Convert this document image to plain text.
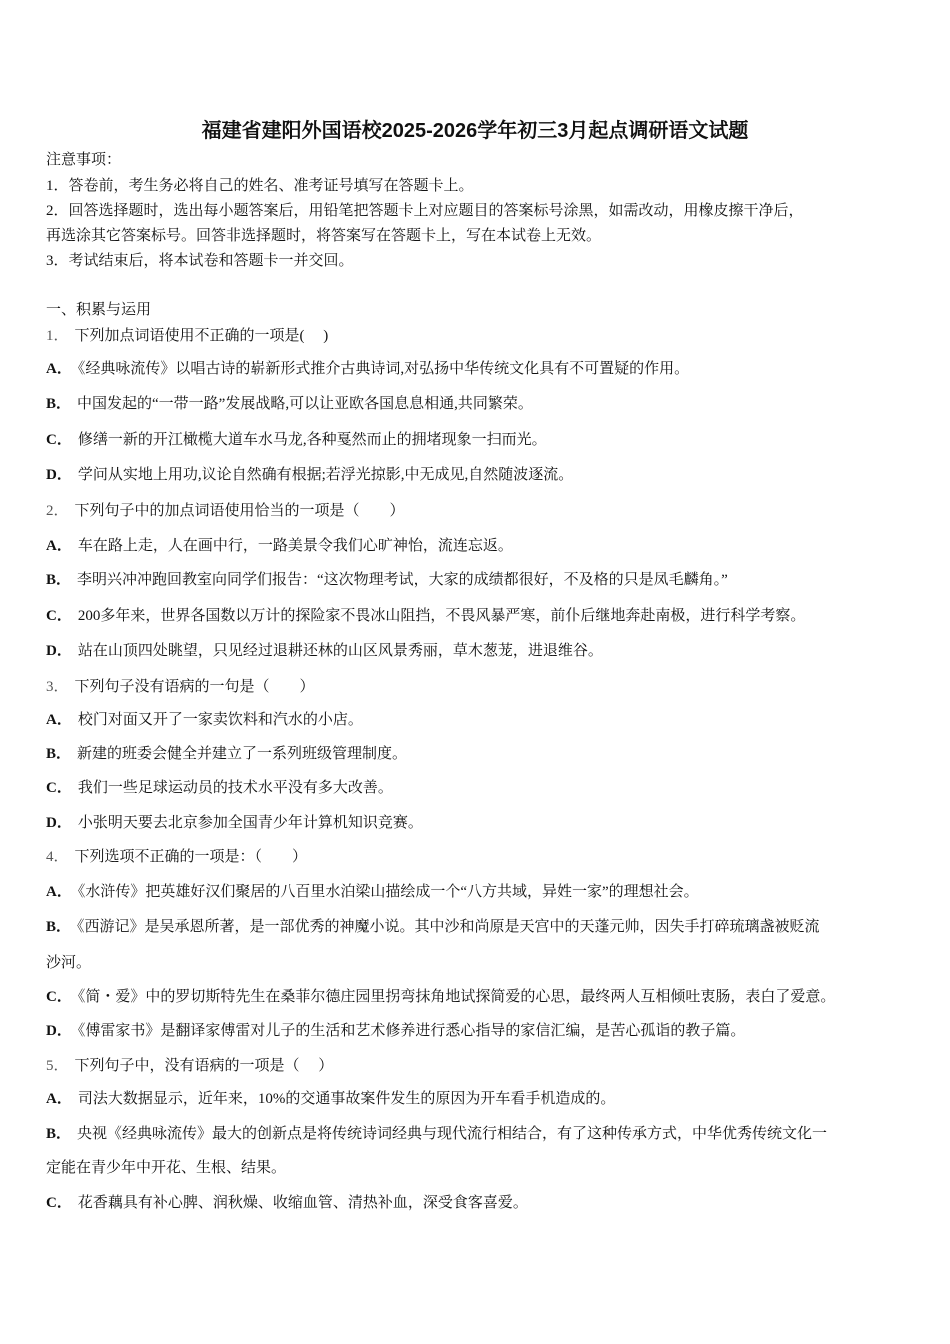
福建省建阳外国语校2025-2026学年初三3月起点调研语文试题
注意事项：
1．答卷前，考生务必将自己的姓名、准考证号填写在答题卡上。
2．回答选择题时，选出每小题答案后，用铅笔把答题卡上对应题目的答案标号涂黑，如需改动，用橡皮擦干净后，
再选涂其它答案标号。回答非选择题时，将答案写在答题卡上，写在本试卷上无效。
3．考试结束后，将本试卷和答题卡一并交回。
一、积累与运用
1． 下列加点词语使用不正确的一项是(　 )
A． 《经典咏流传》以唱古诗的崭新形式推介古典诗词,对弘扬中华传统文化具有不可置疑的作用。
B． 中国发起的“一带一路”发展战略,可以让亚欧各国息息相通,共同繁荣。
C． 修缮一新的开江橄榄大道车水马龙,各种戛然而止的拥堵现象一扫而光。
D． 学问从实地上用功,议论自然确有根据;若浮光掠影,中无成见,自然随波逐流。
2． 下列句子中的加点词语使用恰当的一项是（　　）
A． 车在路上走，人在画中行，一路美景令我们心旷神怡，流连忘返。
B． 李明兴冲冲跑回教室向同学们报告：“这次物理考试，大家的成绩都很好，不及格的只是凤毛麟角。”
C． 200多年来，世界各国数以万计的探险家不畏冰山阻挡，不畏风暴严寒，前仆后继地奔赴南极，进行科学考察。
D． 站在山顶四处眺望，只见经过退耕还林的山区风景秀丽，草木葱茏，进退维谷。
3． 下列句子没有语病的一句是（　　）
A． 校门对面又开了一家卖饮料和汽水的小店。
B． 新建的班委会健全并建立了一系列班级管理制度。
C． 我们一些足球运动员的技术水平没有多大改善。
D． 小张明天要去北京参加全国青少年计算机知识竞赛。
4． 下列选项不正确的一项是：（　　）
A． 《水浒传》把英雄好汉们聚居的八百里水泊梁山描绘成一个“八方共域，异姓一家”的理想社会。
B． 《西游记》是吴承恩所著，是一部优秀的神魔小说。其中沙和尚原是天宫中的天蓬元帅，因失手打碎琉璃盏被贬流
沙河。
C． 《简・爱》中的罗切斯特先生在桑菲尔德庄园里拐弯抹角地试探简爱的心思，最终两人互相倾吐衷肠，表白了爱意。
D． 《傅雷家书》是翻译家傅雷对儿子的生活和艺术修养进行悉心指导的家信汇编，是苦心孤诣的教子篇。
5． 下列句子中，没有语病的一项是（　 ）
A． 司法大数据显示，近年来，10%的交通事故案件发生的原因为开车看手机造成的。
B． 央视《经典咏流传》最大的创新点是将传统诗词经典与现代流行相结合，有了这种传承方式，中华优秀传统文化一
定能在青少年中开花、生根、结果。
C． 花香藕具有补心脾、润秋燥、收缩血管、清热补血，深受食客喜爱。
